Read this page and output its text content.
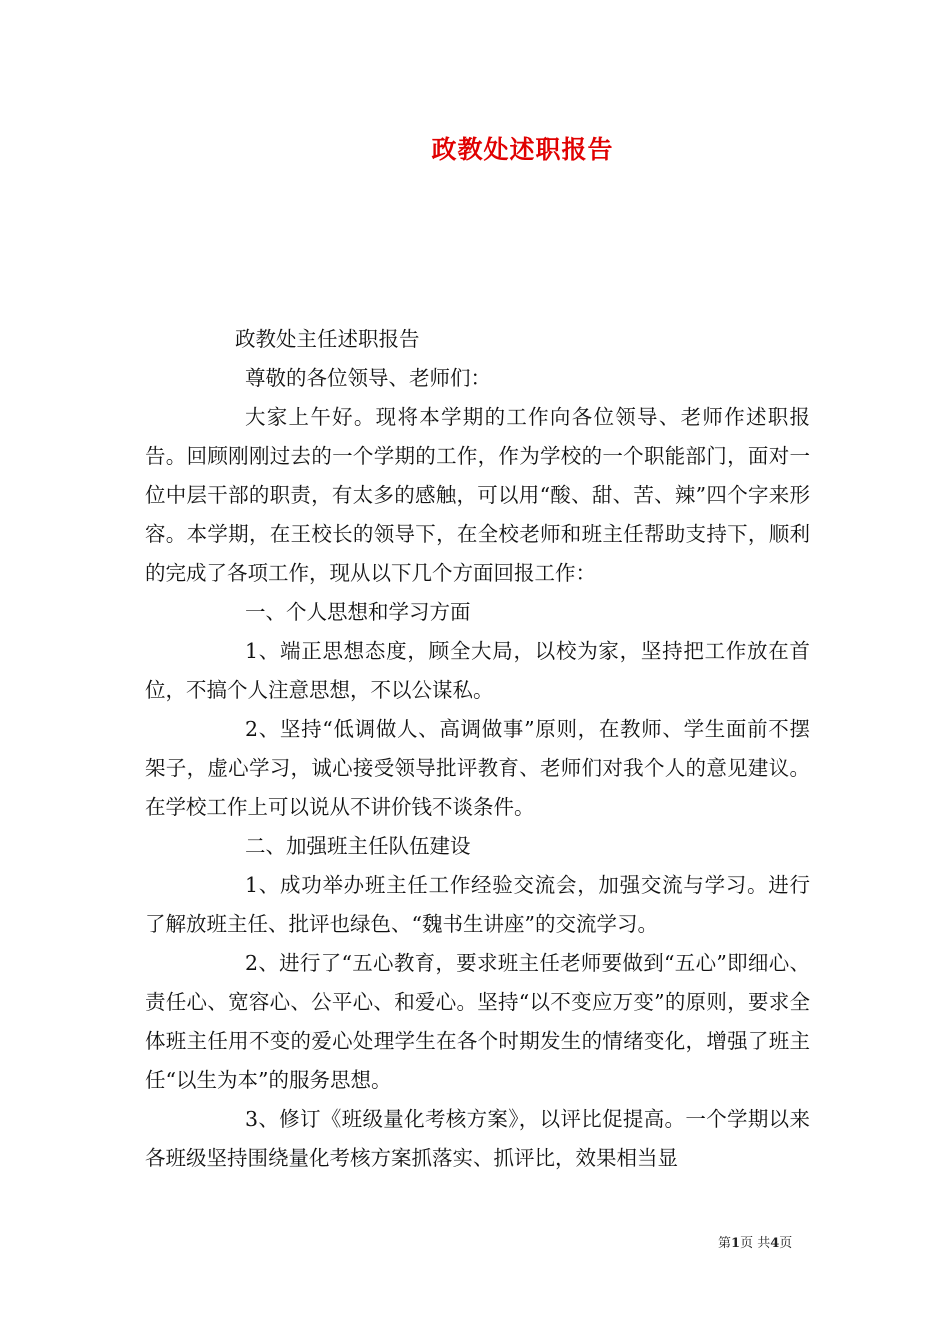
政教处述职报告

政教处主任述职报告

尊敬的各位领导、老师们：

大家上午好。现将本学期的工作向各位领导、老师作述职报告。回顾刚刚过去的一个学期的工作，作为学校的一个职能部门，面对一位中层干部的职责，有太多的感触，可以用“酸、甜、苦、辣”四个字来形容。本学期，在王校长的领导下，在全校老师和班主任帮助支持下，顺利的完成了各项工作，现从以下几个方面回报工作：

一、个人思想和学习方面

1、端正思想态度，顾全大局，以校为家，坚持把工作放在首位，不搞个人注意思想，不以公谋私。

2、坚持“低调做人、高调做事”原则，在教师、学生面前不摆架子，虚心学习，诚心接受领导批评教育、老师们对我个人的意见建议。在学校工作上可以说从不讲价钱不谈条件。

二、加强班主任队伍建设

1、成功举办班主任工作经验交流会，加强交流与学习。进行了解放班主任、批评也绿色、“魏书生讲座”的交流学习。

2、进行了“五心教育，要求班主任老师要做到“五心”即细心、责任心、宽容心、公平心、和爱心。坚持“以不变应万变”的原则，要求全体班主任用不变的爱心处理学生在各个时期发生的情绪变化，增强了班主任“以生为本”的服务思想。

3、修订《班级量化考核方案》，以评比促提高。一个学期以来各班级坚持围绕量化考核方案抓落实、抓评比，效果相当显

第1页 共4页
